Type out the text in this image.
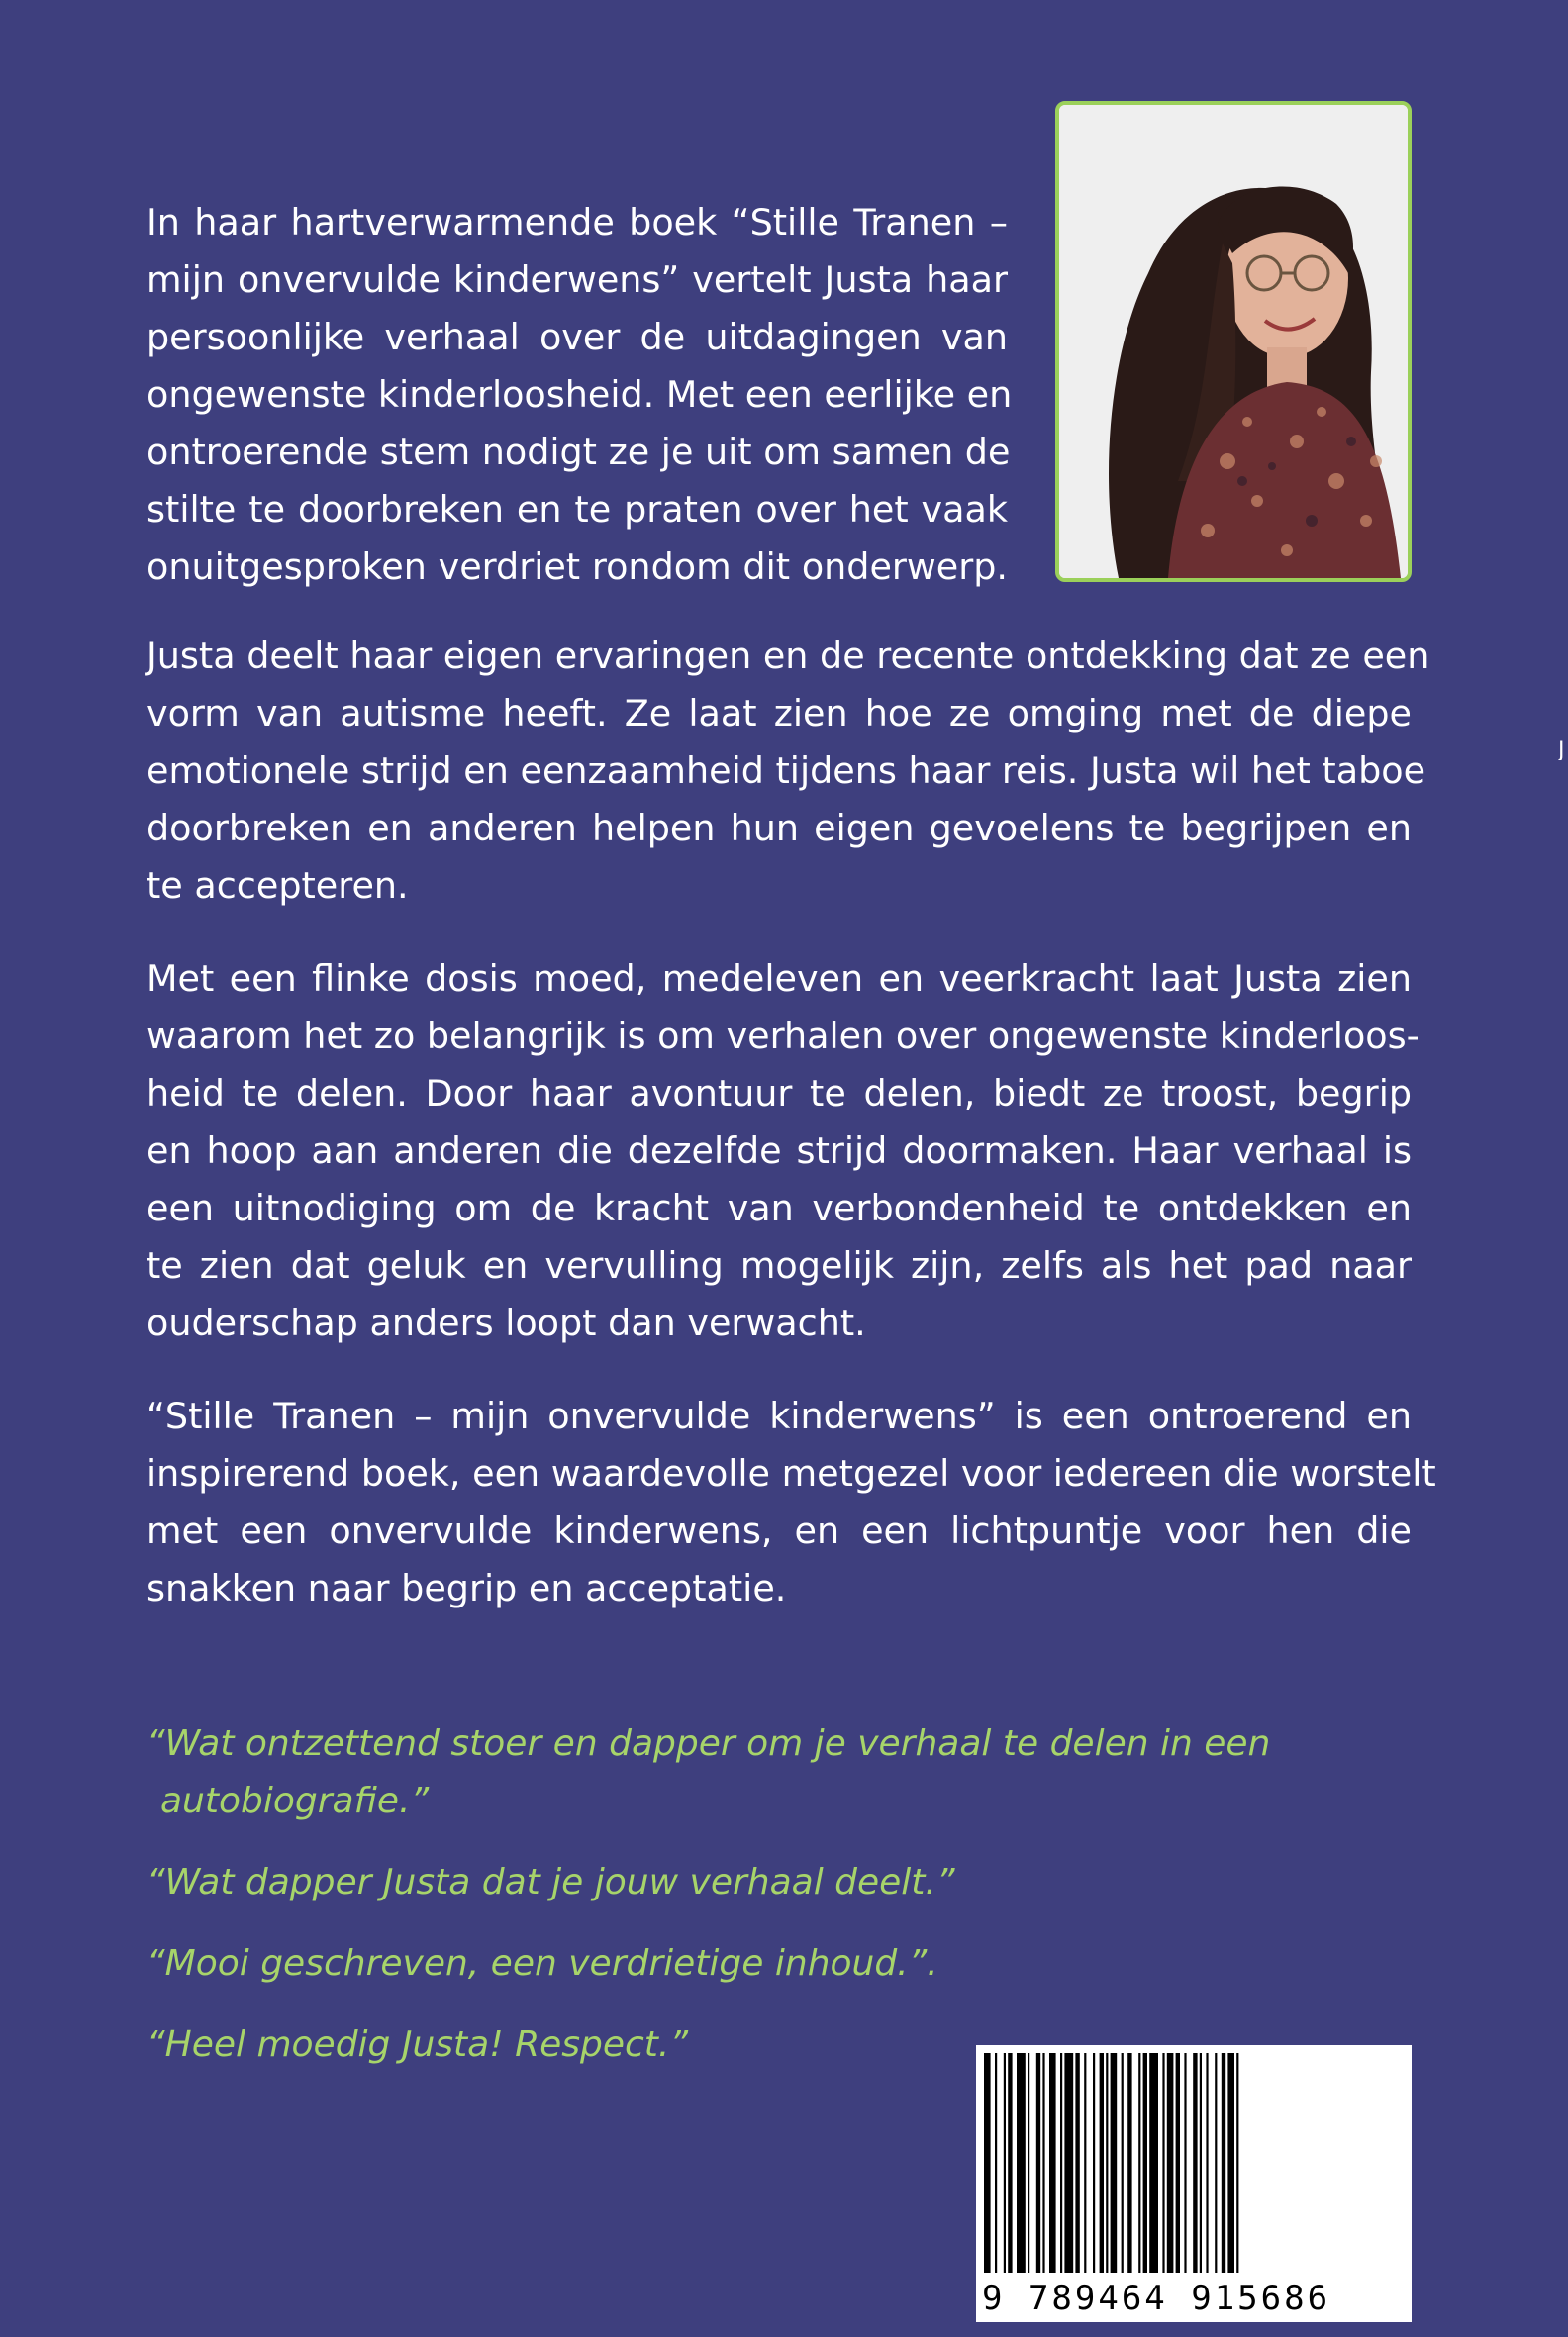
In haar hartverwarmende boek “Stille Tranen –
mijn onvervulde kinderwens” vertelt Justa haar
persoonlijke verhaal over de uitdagingen van
ongewenste kinderloosheid. Met een eerlijke en
ontroerende stem nodigt ze je uit om samen de
stilte te doorbreken en te praten over het vaak
onuitgesproken verdriet rondom dit onderwerp.

Justa deelt haar eigen ervaringen en de recente ontdekking dat ze een
vorm van autisme heeft. Ze laat zien hoe ze omging met de diepe
emotionele strijd en eenzaamheid tijdens haar reis. Justa wil het taboe
doorbreken en anderen helpen hun eigen gevoelens te begrijpen en
te accepteren.

Met een flinke dosis moed, medeleven en veerkracht laat Justa zien
waarom het zo belangrijk is om verhalen over ongewenste kinderloos-
heid te delen. Door haar avontuur te delen, biedt ze troost, begrip
en hoop aan anderen die dezelfde strijd doormaken. Haar verhaal is
een uitnodiging om de kracht van verbondenheid te ontdekken en
te zien dat geluk en vervulling mogelijk zijn, zelfs als het pad naar
ouderschap anders loopt dan verwacht.

“Stille Tranen – mijn onvervulde kinderwens” is een ontroerend en
inspirerend boek, een waardevolle metgezel voor iedereen die worstelt
met een onvervulde kinderwens, en een lichtpuntje voor hen die
snakken naar begrip en acceptatie.

“Wat ontzettend stoer en dapper om je verhaal te delen in een
autobiografie.”

“Wat dapper Justa dat je jouw verhaal deelt.”

“Mooi geschreven, een verdrietige inhoud.”.

“Heel moedig Justa! Respect.”

9 789464 915686
J
